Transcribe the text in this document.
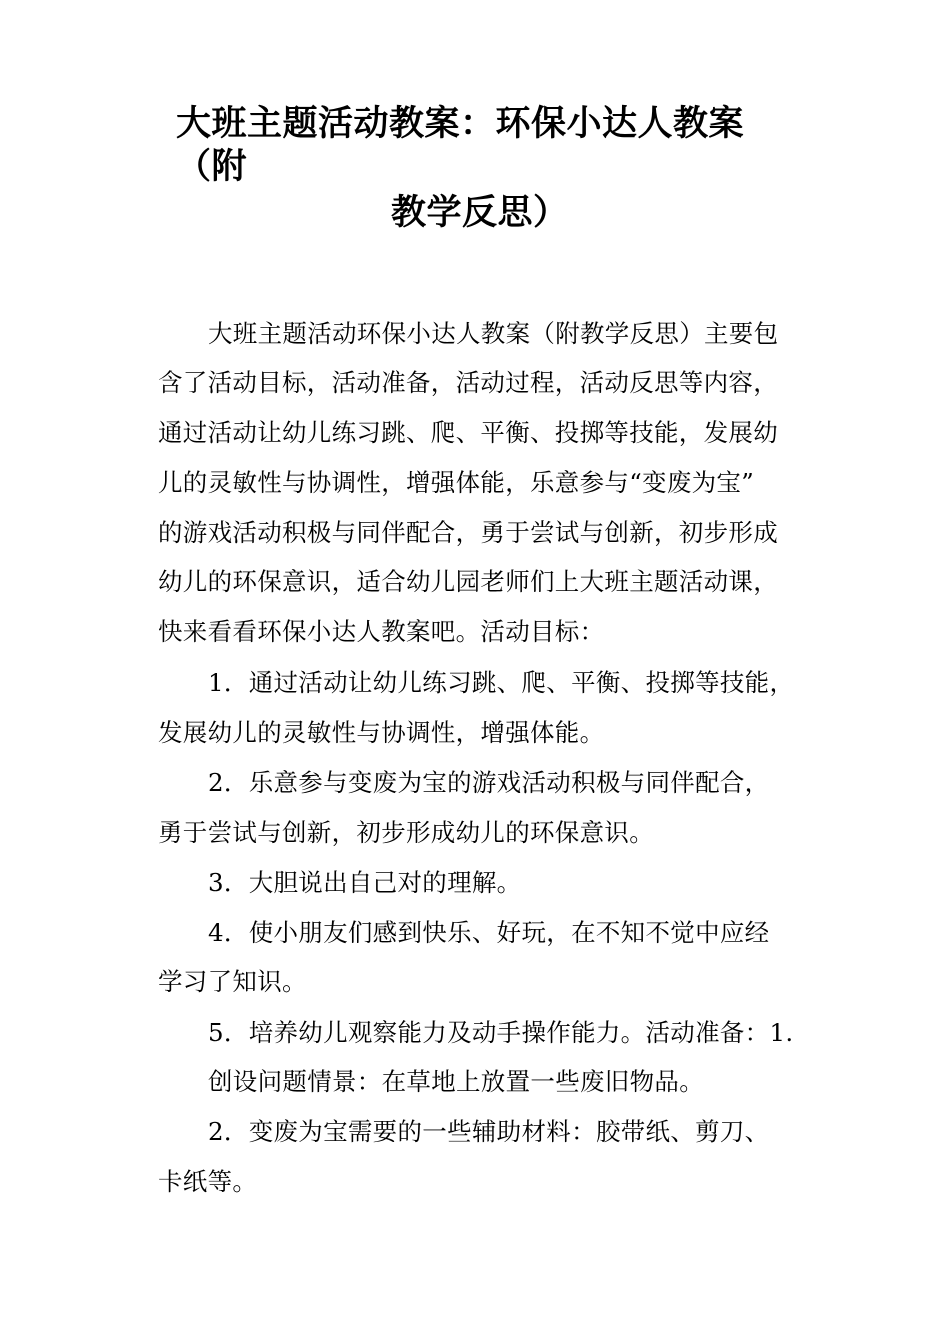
大班主题活动教案：环保小达人教案
（附
教学反思）
大班主题活动环保小达人教案（附教学反思）主要包
含了活动目标，活动准备，活动过程，活动反思等内容，
通过活动让幼儿练习跳、爬、平衡、投掷等技能，发展幼
儿的灵敏性与协调性，增强体能，乐意参与“变废为宝”
的游戏活动积极与同伴配合，勇于尝试与创新，初步形成
幼儿的环保意识，适合幼儿园老师们上大班主题活动课，
快来看看环保小达人教案吧。活动目标：
1．通过活动让幼儿练习跳、爬、平衡、投掷等技能，
发展幼儿的灵敏性与协调性，增强体能。
2．乐意参与变废为宝的游戏活动积极与同伴配合，
勇于尝试与创新，初步形成幼儿的环保意识。
3．大胆说出自己对的理解。
4．使小朋友们感到快乐、好玩，在不知不觉中应经
学习了知识。
5．培养幼儿观察能力及动手操作能力。活动准备：1.
创设问题情景：在草地上放置一些废旧物品。
2．变废为宝需要的一些辅助材料：胶带纸、剪刀、
卡纸等。
